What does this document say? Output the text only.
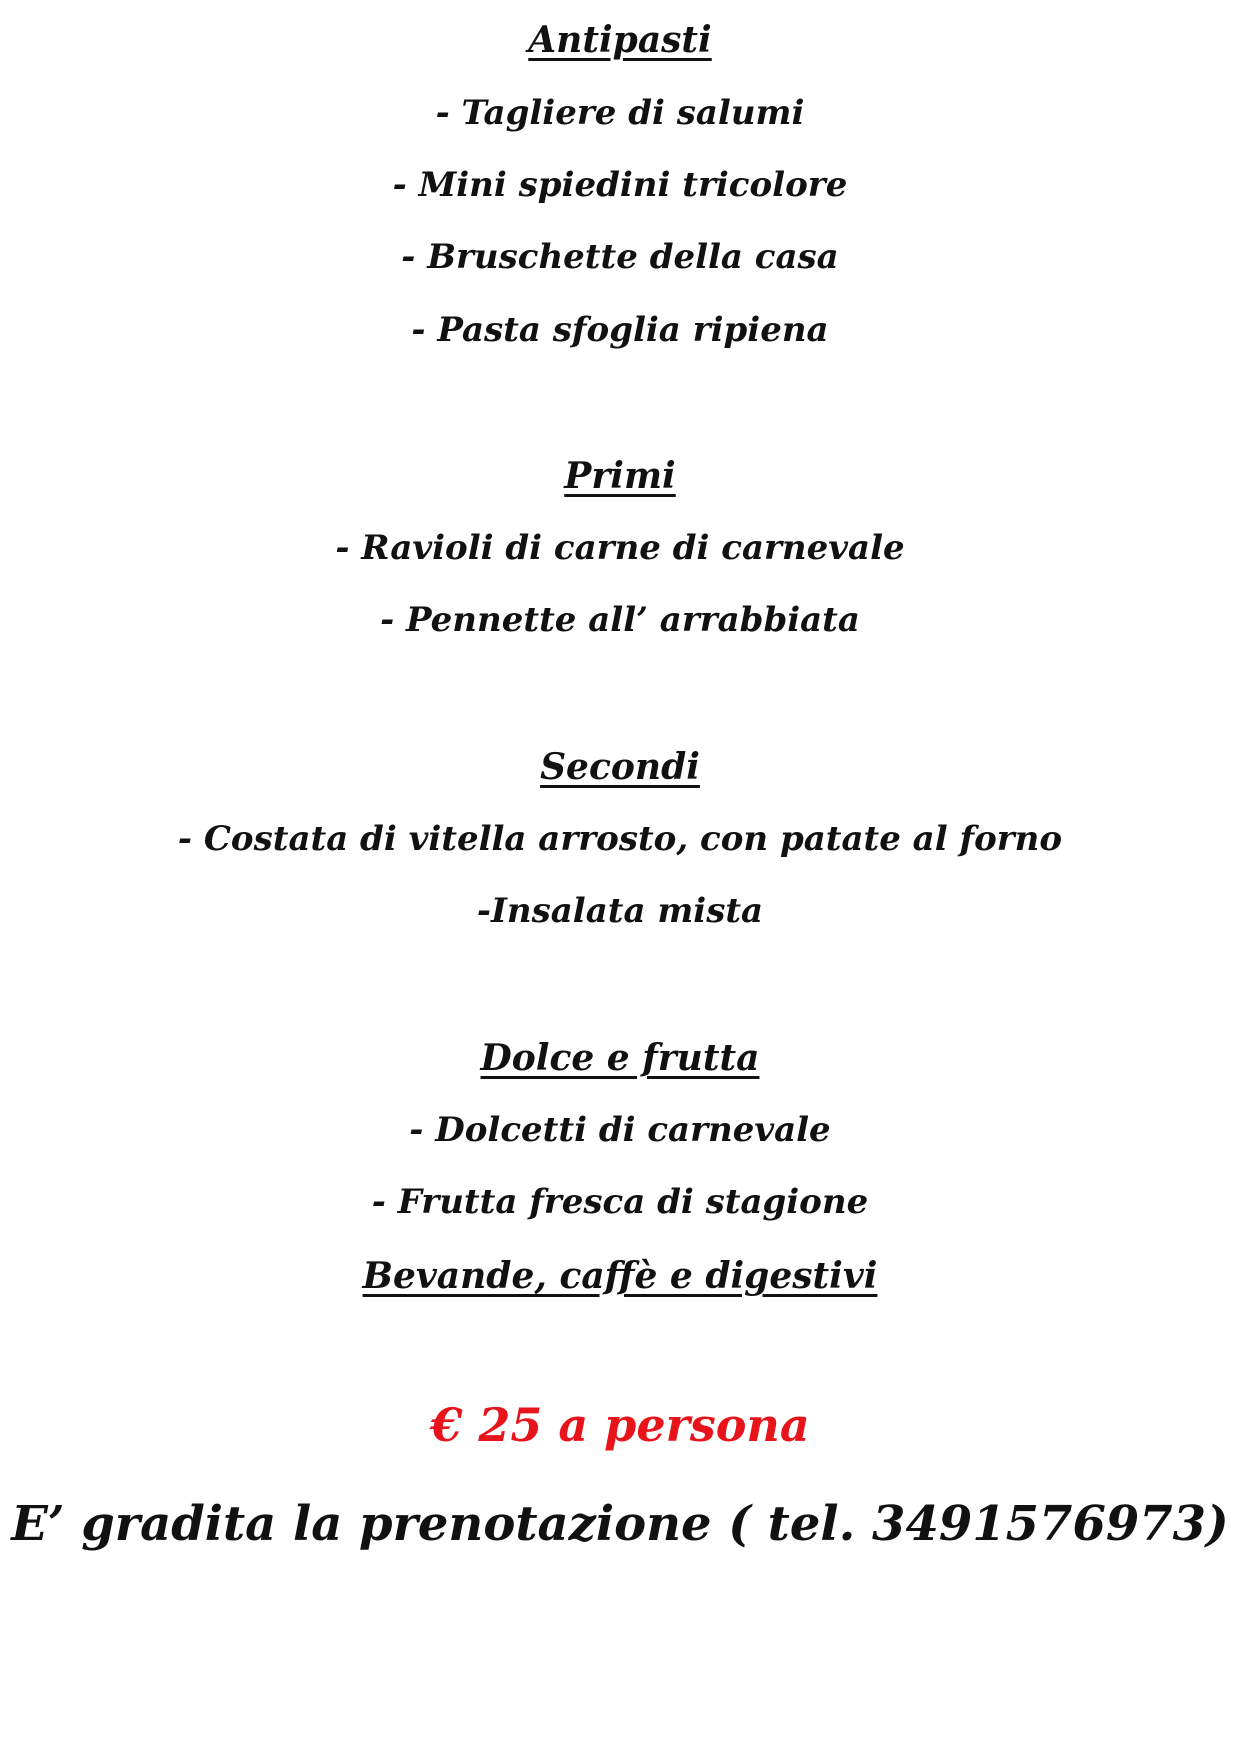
Antipasti
- Tagliere di salumi
- Mini spiedini tricolore
- Bruschette della casa
- Pasta sfoglia ripiena
Primi
- Ravioli di carne di carnevale
- Pennette all’ arrabbiata
Secondi
- Costata di vitella arrosto, con patate al forno
-Insalata mista
Dolce e frutta
- Dolcetti di carnevale
- Frutta fresca di stagione
Bevande, caffè e digestivi
€ 25 a persona
E’ gradita la prenotazione ( tel. 3491576973)
